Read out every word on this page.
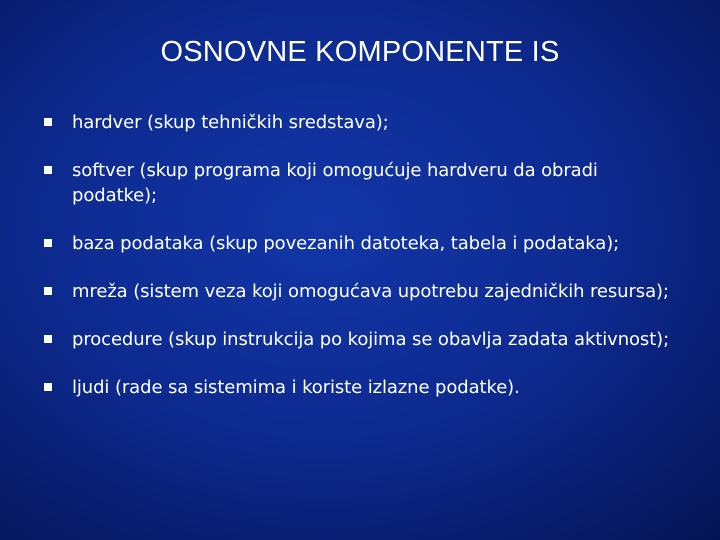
OSNOVNE KOMPONENTE IS
hardver (skup tehničkih sredstava);
softver (skup programa koji omogućuje hardveru da obradi podatke);
baza podataka (skup povezanih datoteka, tabela i podataka);
mreža (sistem veza koji omogućava upotrebu zajedničkih resursa);
procedure (skup instrukcija po kojima se obavlja zadata aktivnost);
ljudi (rade sa sistemima i koriste izlazne podatke).
